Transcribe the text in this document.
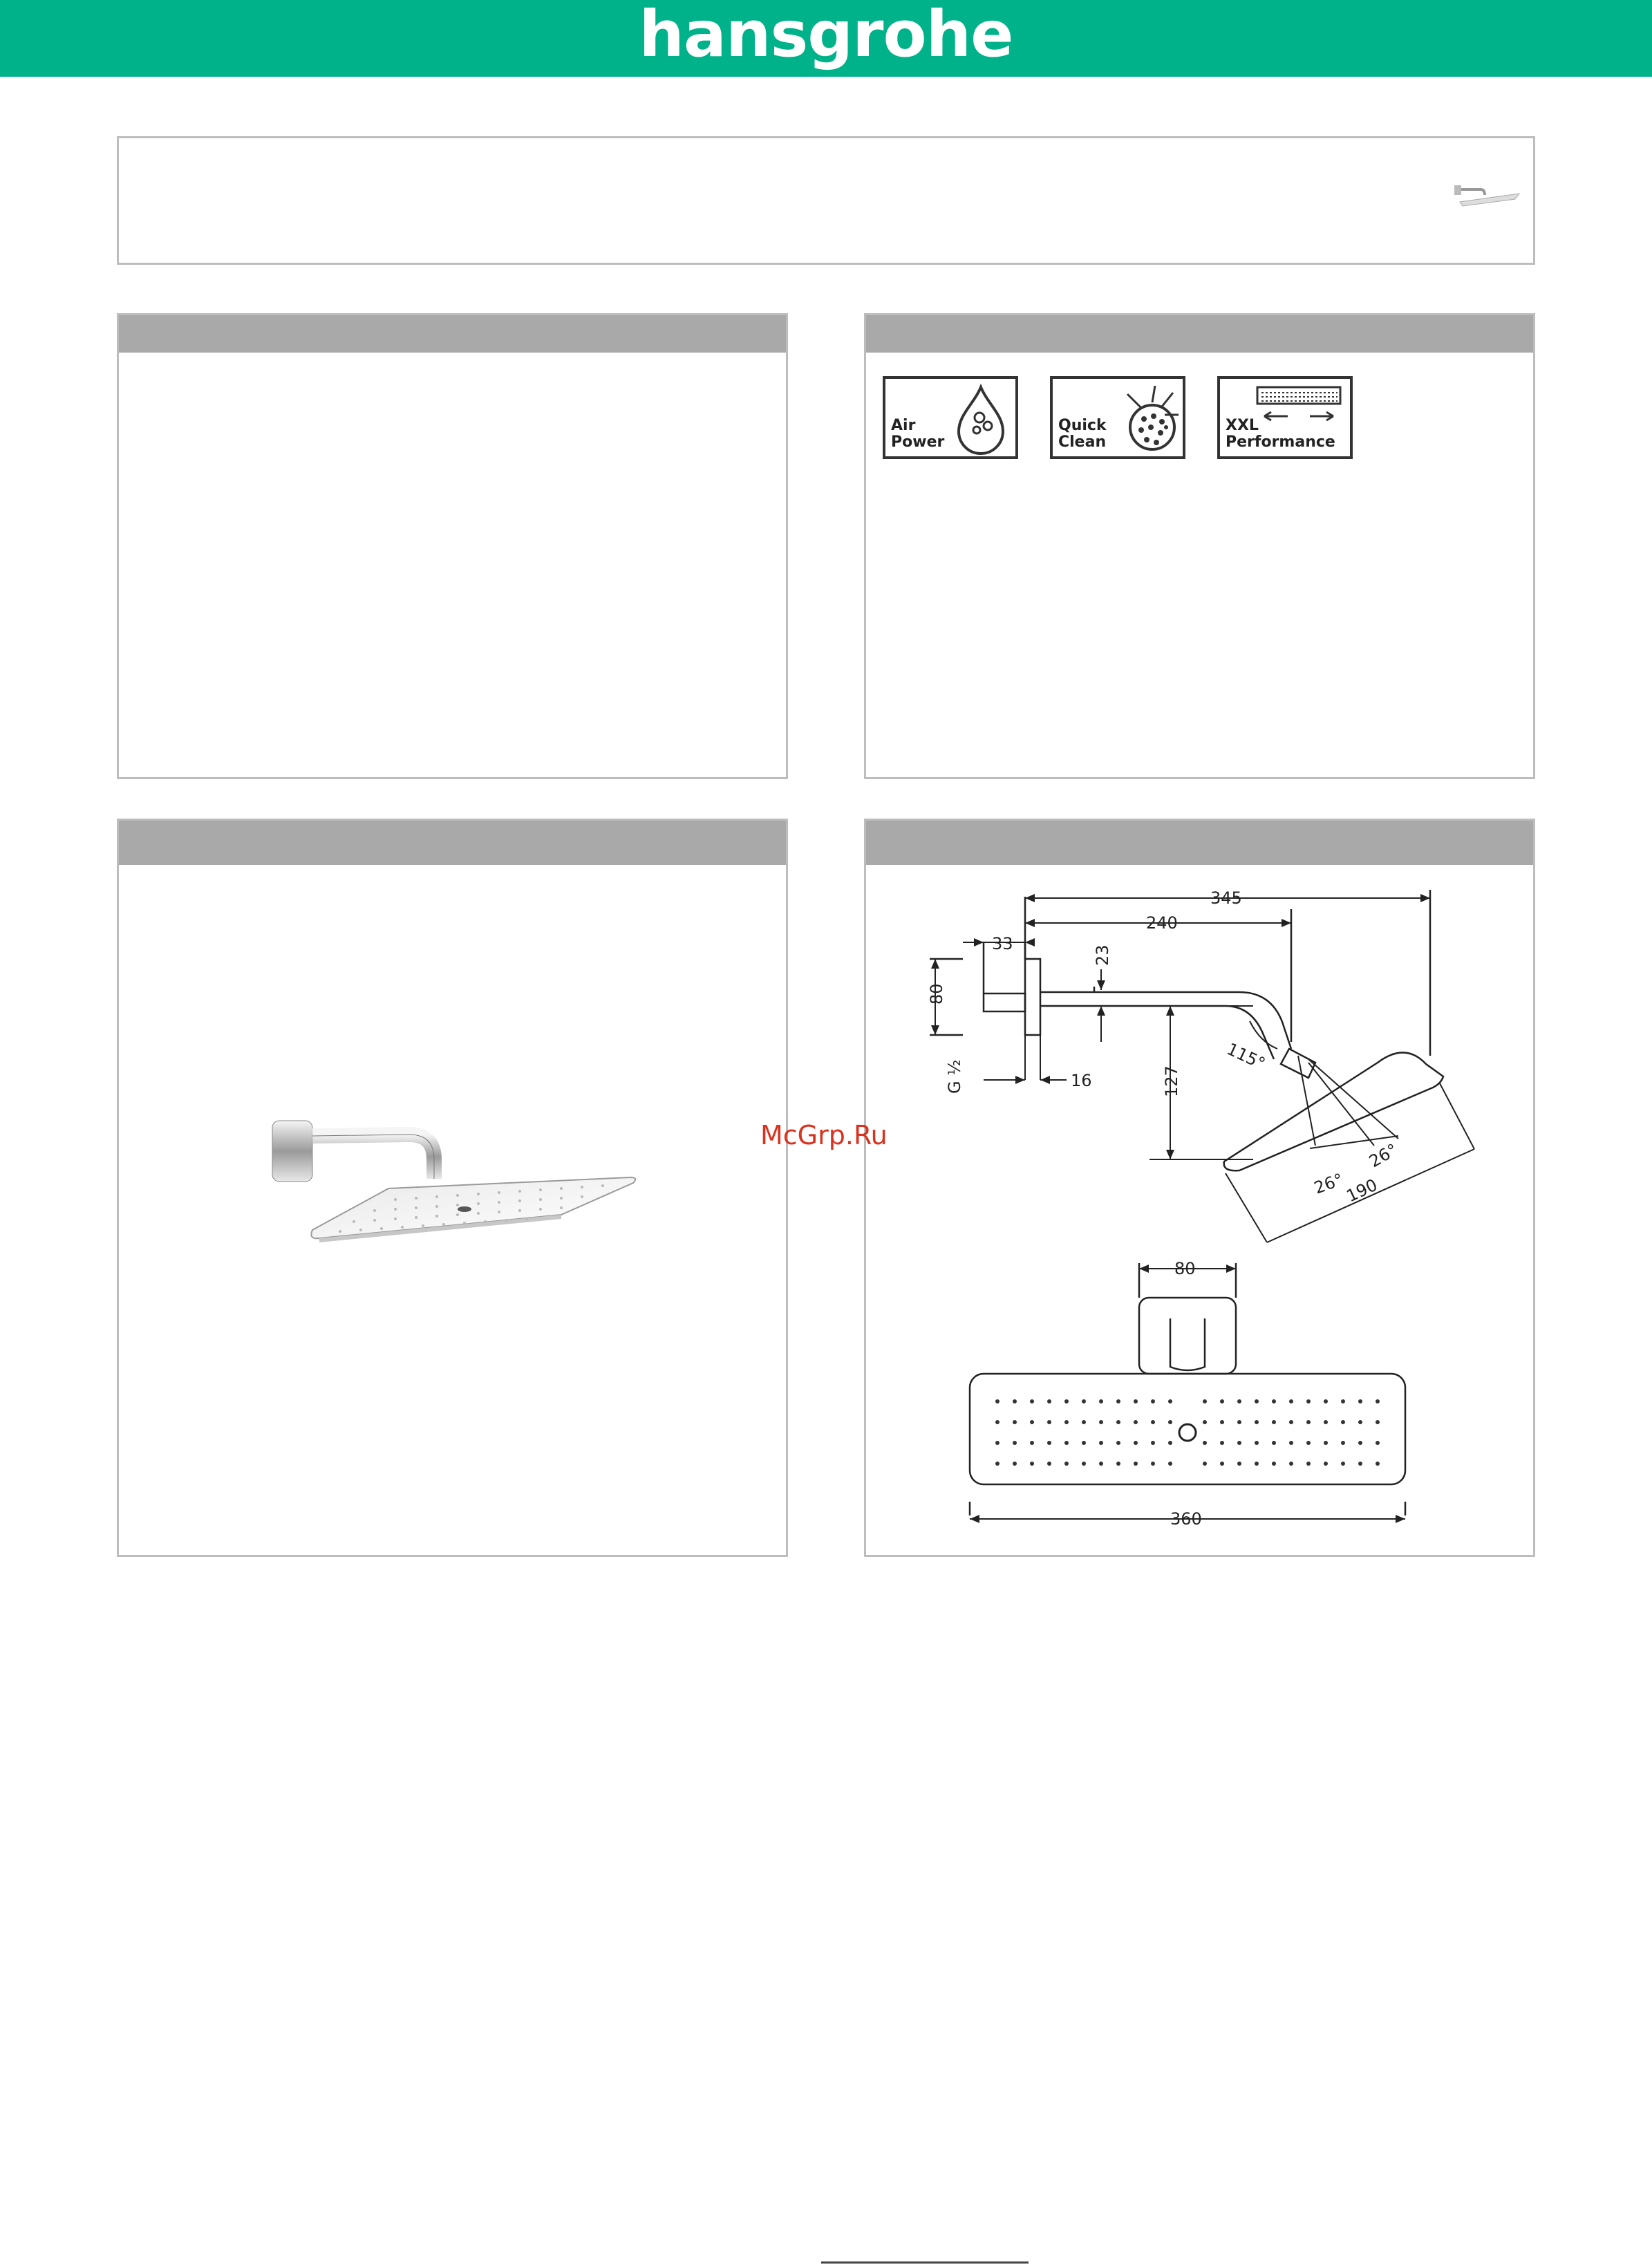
hansgrohe
Air
Power
Quick
Clean
XXL
Performance
345
240
33
23
80
G ½	16	127
115°
26°
26°
190
80
360
McGrp.Ru
